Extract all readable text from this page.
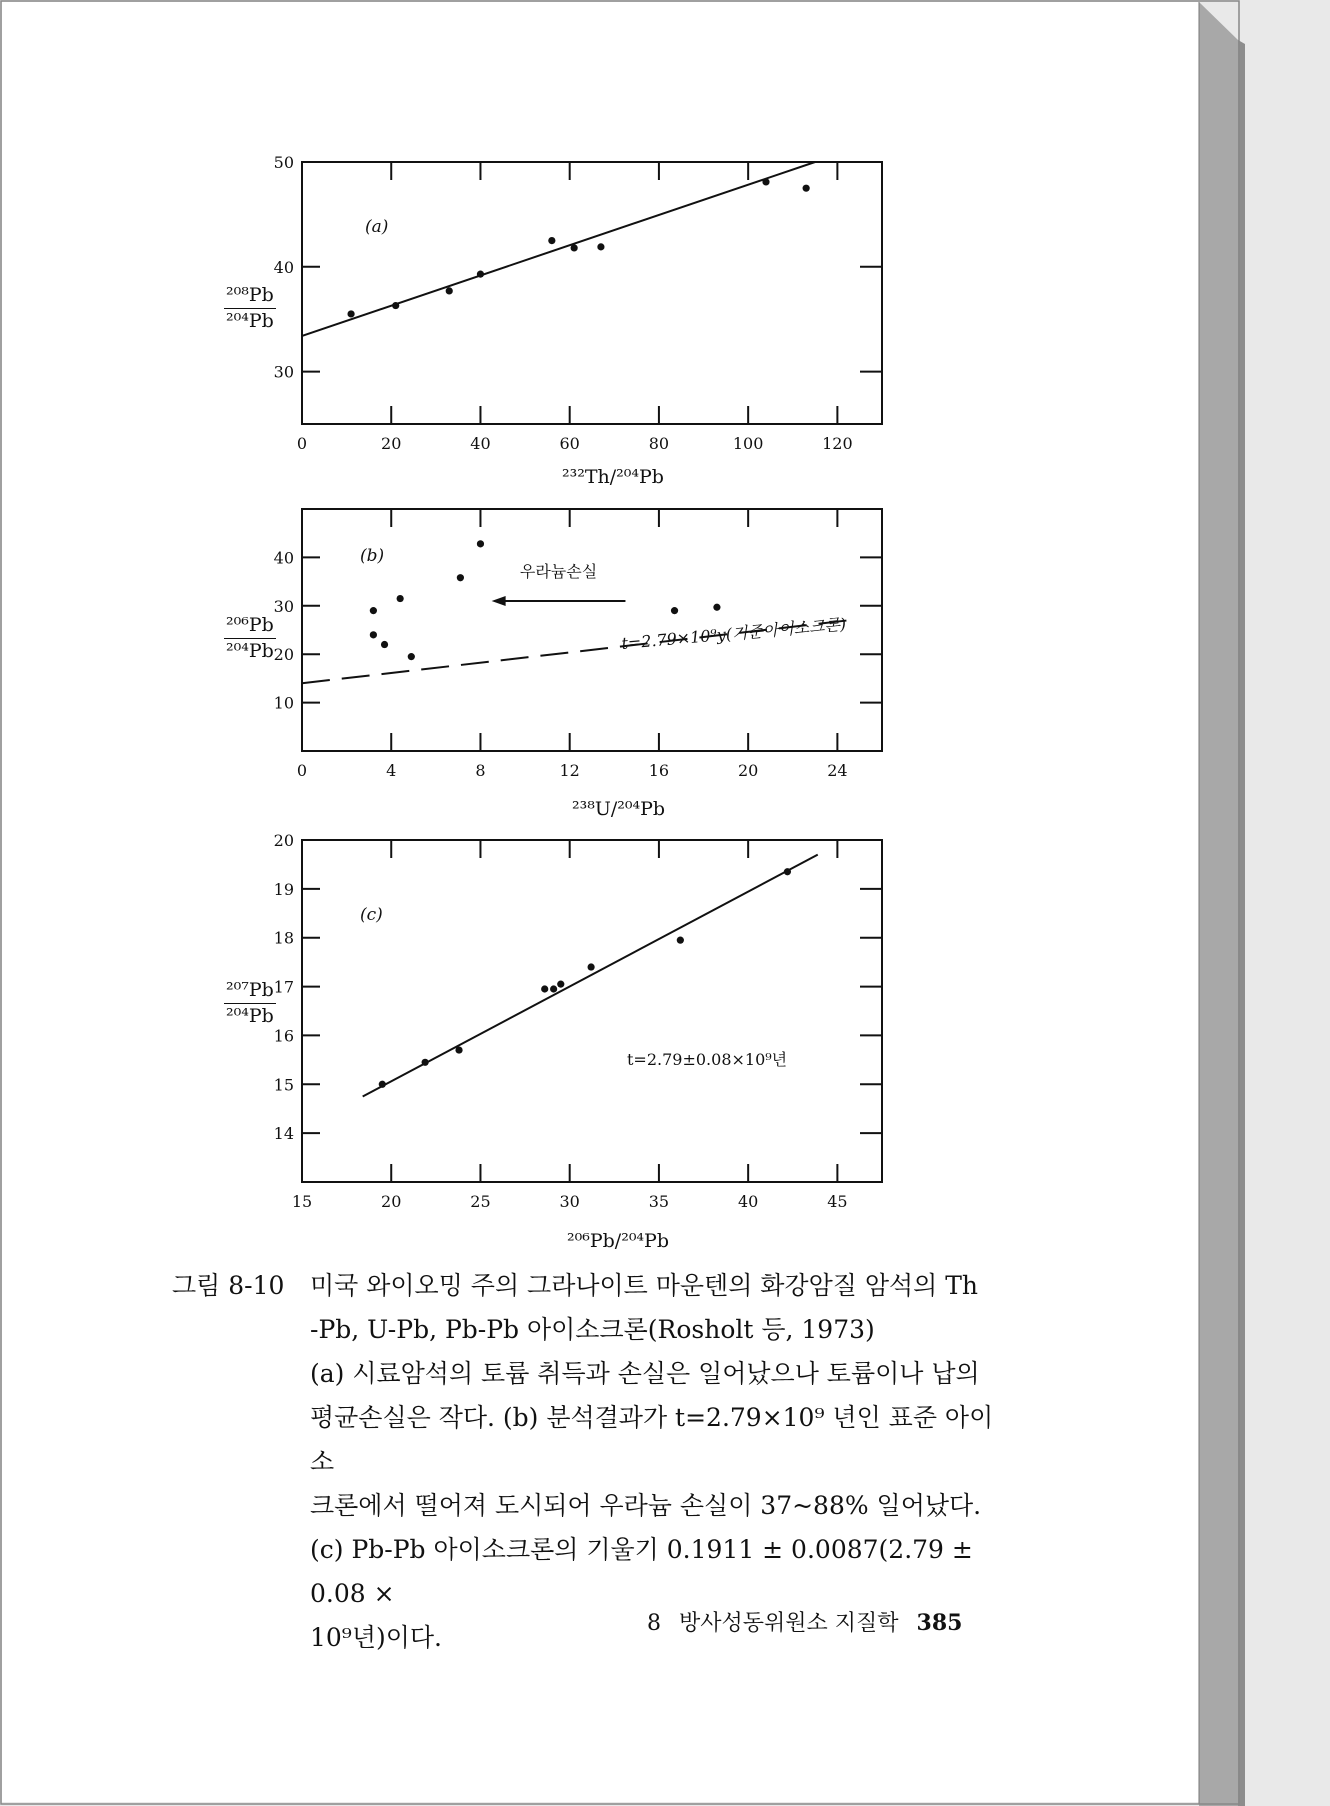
0	20	40	60	80	100	120
30
40
50
(a)
$\frac{\text{²⁰⁸Pb}}{\text{²⁰⁴Pb}}$
²³²Th/²⁰⁴Pb
0	4	8	12	16	20	24
10
20
30
40	(b)
우라늄손실
t=2.79×10⁹y(기준아이소크론)
$\frac{\text{²⁰⁶Pb}}{\text{²⁰⁴Pb}}$
²³⁸U/²⁰⁴Pb
15	20	25	30	35	40	45
14
15
16
17
18
19
20
(c)
t=2.79±0.08×10⁹년
$\frac{\text{²⁰⁷Pb}}{\text{²⁰⁴Pb}}$
²⁰⁶Pb/²⁰⁴Pb
그림 8-10 미국 와이오밍 주의 그라나이트 마운텐의 화강암질 암석의 Th

-Pb, U-Pb, Pb-Pb 아이소크론(Rosholt 등, 1973)

(a) 시료암석의 토륨 취득과 손실은 일어났으나 토륨이나 납의

평균손실은 작다. (b) 분석결과가 t=2.79×10⁹ 년인 표준 아이소

크론에서 떨어져 도시되어 우라늄 손실이 37~88% 일어났다.

(c) Pb-Pb 아이소크론의 기울기 0.1911 ± 0.0087(2.79 ± 0.08 ×

10⁹년)이다.	8 방사성동위원소 지질학 385
